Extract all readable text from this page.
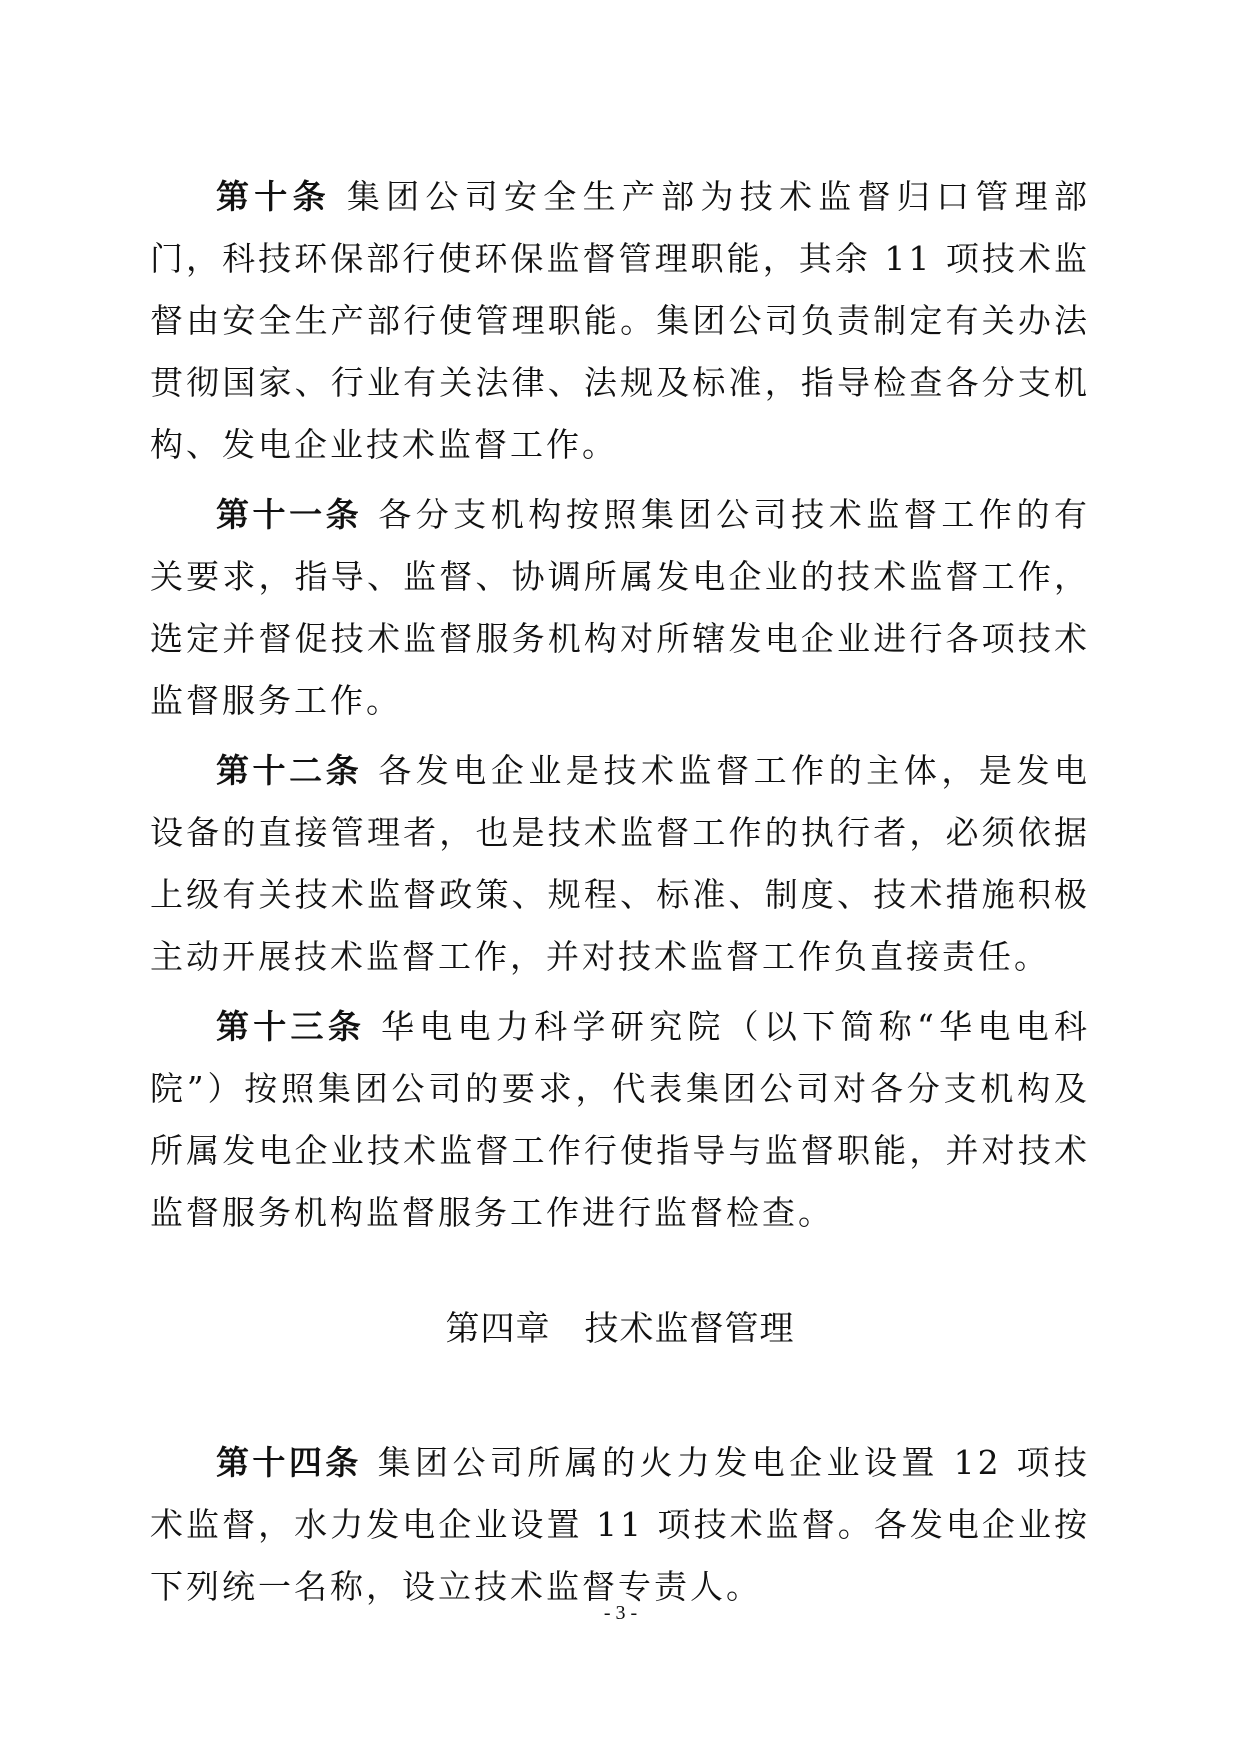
第十条 集团公司安全生产部为技术监督归口管理部门，科技环保部行使环保监督管理职能，其余 11 项技术监督由安全生产部行使管理职能。集团公司负责制定有关办法贯彻国家、行业有关法律、法规及标准，指导检查各分支机构、发电企业技术监督工作。

第十一条 各分支机构按照集团公司技术监督工作的有关要求，指导、监督、协调所属发电企业的技术监督工作，选定并督促技术监督服务机构对所辖发电企业进行各项技术监督服务工作。

第十二条 各发电企业是技术监督工作的主体，是发电设备的直接管理者，也是技术监督工作的执行者，必须依据上级有关技术监督政策、规程、标准、制度、技术措施积极主动开展技术监督工作，并对技术监督工作负直接责任。

第十三条 华电电力科学研究院（以下简称“华电电科院”）按照集团公司的要求，代表集团公司对各分支机构及所属发电企业技术监督工作行使指导与监督职能，并对技术监督服务机构监督服务工作进行监督检查。

第四章 技术监督管理

第十四条 集团公司所属的火力发电企业设置 12 项技术监督，水力发电企业设置 11 项技术监督。各发电企业按下列统一名称，设立技术监督专责人。

- 3 -
